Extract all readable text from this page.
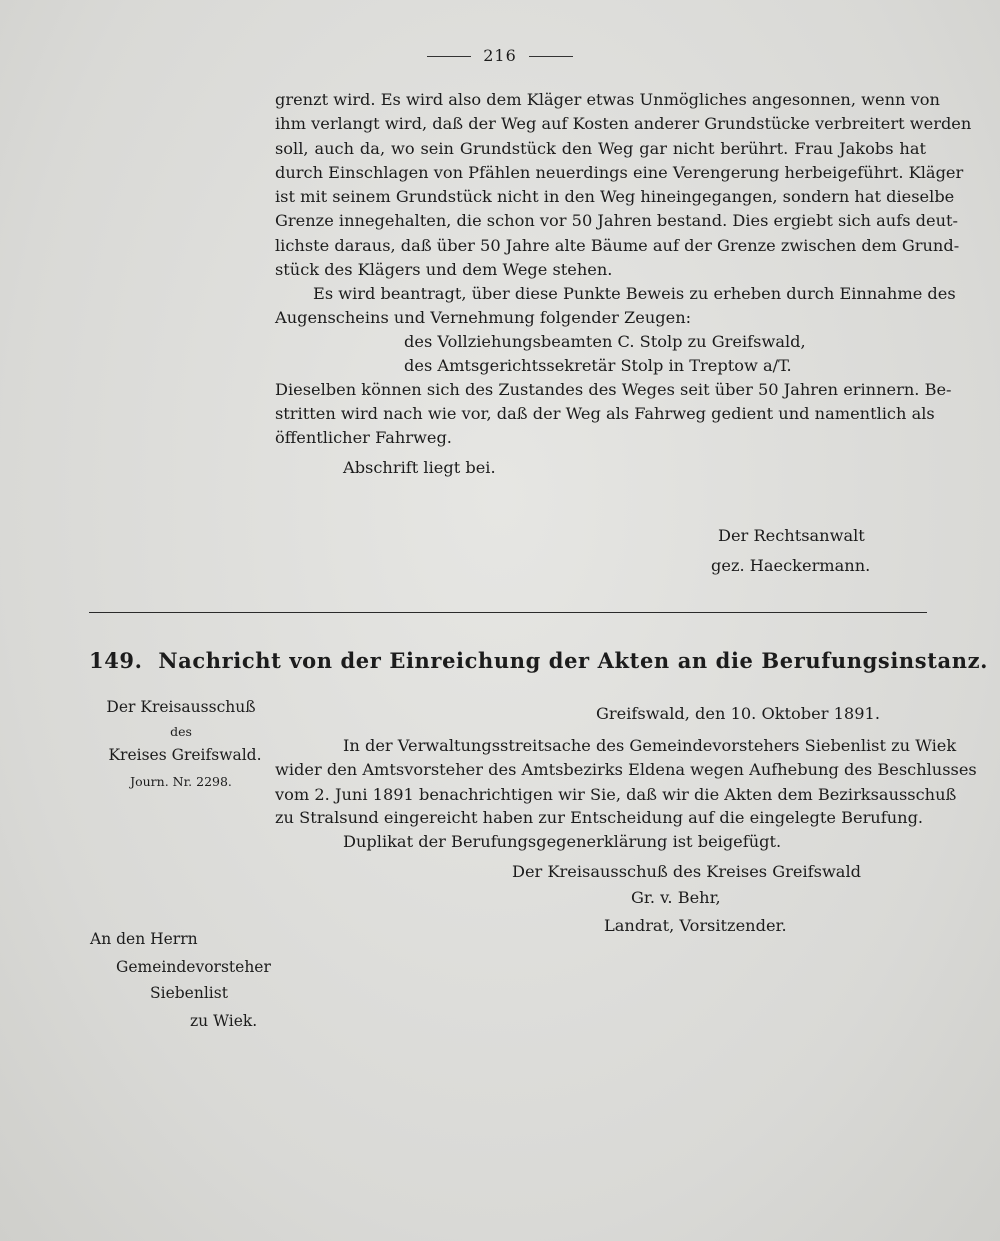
216
grenzt wird. Es wird also dem Kläger etwas Unmögliches angesonnen, wenn von
ihm verlangt wird, daß der Weg auf Kosten anderer Grundstücke verbreitert werden
soll, auch da, wo sein Grundstück den Weg gar nicht berührt. Frau Jakobs hat
durch Einschlagen von Pfählen neuerdings eine Verengerung herbeigeführt. Kläger
ist mit seinem Grundstück nicht in den Weg hineingegangen, sondern hat dieselbe
Grenze innegehalten, die schon vor 50 Jahren bestand. Dies ergiebt sich aufs deut-
lichste daraus, daß über 50 Jahre alte Bäume auf der Grenze zwischen dem Grund-
stück des Klägers und dem Wege stehen.
Es wird beantragt, über diese Punkte Beweis zu erheben durch Einnahme des
Augenscheins und Vernehmung folgender Zeugen:
des Vollziehungsbeamten C. Stolp zu Greifswald,
des Amtsgerichtssekretär Stolp in Treptow a/T.
Dieselben können sich des Zustandes des Weges seit über 50 Jahren erinnern. Be-
stritten wird nach wie vor, daß der Weg als Fahrweg gedient und namentlich als
öffentlicher Fahrweg.
Abschrift liegt bei.
Der Rechtsanwalt
gez. Haeckermann.
149. Nachricht von der Einreichung der Akten an die Berufungsinstanz.
Der Kreisausschuß
des
Kreises Greifswald.
Journ. Nr. 2298.
Greifswald, den 10. Oktober 1891.
In der Verwaltungsstreitsache des Gemeindevorstehers Siebenlist zu Wiek
wider den Amtsvorsteher des Amtsbezirks Eldena wegen Aufhebung des Beschlusses
vom 2. Juni 1891 benachrichtigen wir Sie, daß wir die Akten dem Bezirksausschuß
zu Stralsund eingereicht haben zur Entscheidung auf die eingelegte Berufung.
Duplikat der Berufungsgegenerklärung ist beigefügt.
Der Kreisausschuß des Kreises Greifswald
Gr. v. Behr,
Landrat, Vorsitzender.
An den Herrn
Gemeindevorsteher
Siebenlist
zu Wiek.
